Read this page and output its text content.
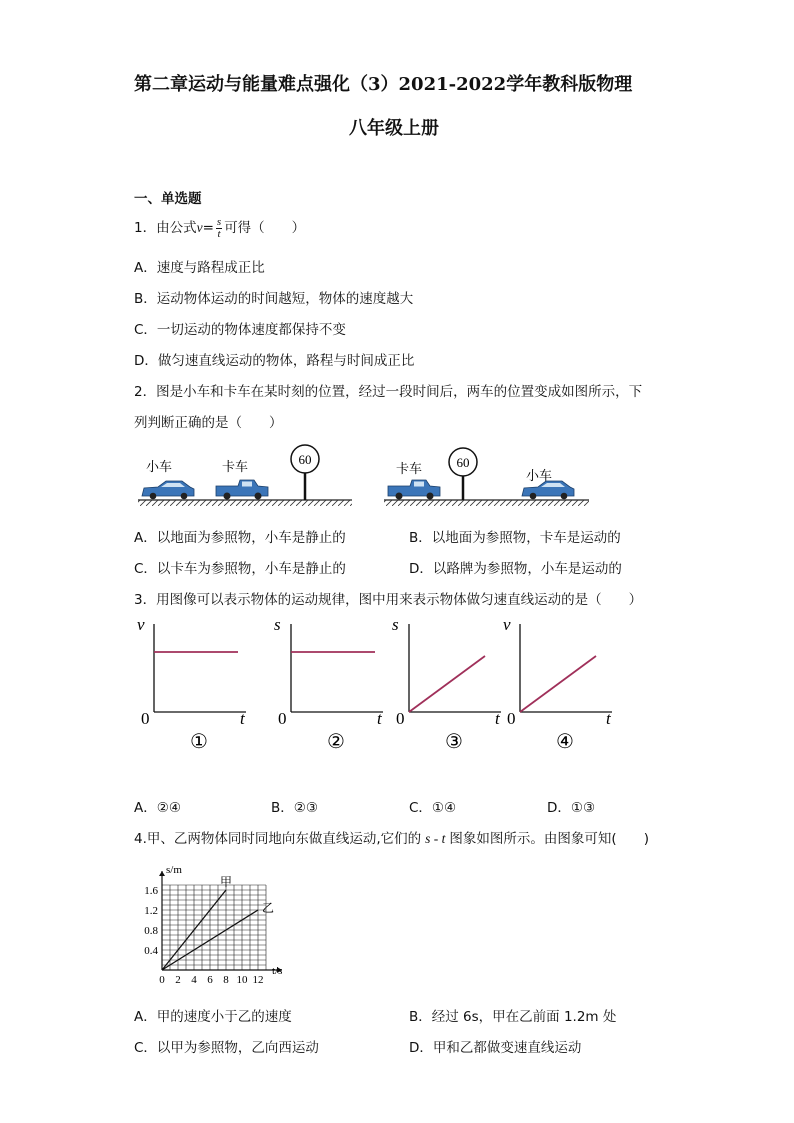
第二章运动与能量难点强化（3）2021-2022学年教科版物理
八年级上册
一、单选题
1．由公式$v= \frac{s}{t}$ 可得（　　）
A．速度与路程成正比
B．运动物体运动的时间越短，物体的速度越大
C．一切运动的物体速度都保持不变
D．做匀速直线运动的物体，路程与时间成正比
2．图是小车和卡车在某时刻的位置，经过一段时间后，两车的位置变成如图所示，下
列判断正确的是（　　）
小车	卡车	60
卡车	小车
60
A．以地面为参照物，小车是静止的	B．以地面为参照物，卡车是运动的
C．以卡车为参照物，小车是静止的	D．以路牌为参照物，小车是运动的
3．用图像可以表示物体的运动规律，图中用来表示物体做匀速直线运动的是（　　）
v
t
0
①
s
t
0
②
s
t
0
③
v
t
0
④
A．②④	B．②③	C．①④	D．①③
4.甲、乙两物体同时同地向东做直线运动,它们的 s - t 图象如图所示。由图象可知(　　)
s/m
t/s
0 2 4 6 8 10 12
0.4
0.8
1.2
1.6
甲
乙
A．甲的速度小于乙的速度	B．经过 6s，甲在乙前面 1.2m 处
C．以甲为参照物，乙向西运动	D．甲和乙都做变速直线运动
